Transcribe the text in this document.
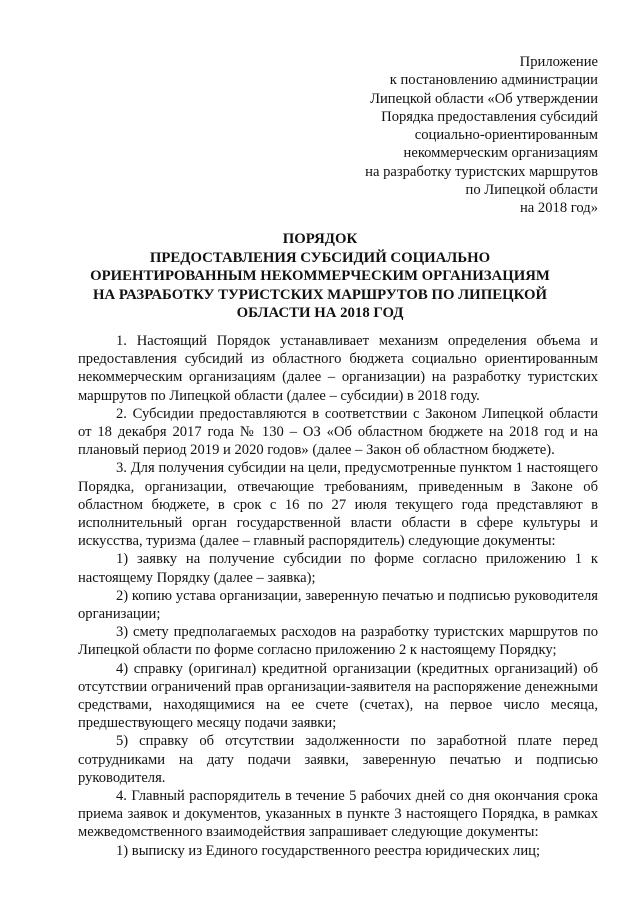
Приложение
к постановлению администрации
Липецкой области «Об утверждении
Порядка предоставления субсидий
социально-ориентированным
некоммерческим организациям
на разработку туристских маршрутов
по Липецкой области
на 2018 год»
ПОРЯДОК
ПРЕДОСТАВЛЕНИЯ СУБСИДИЙ СОЦИАЛЬНО
ОРИЕНТИРОВАННЫМ НЕКОММЕРЧЕСКИМ ОРГАНИЗАЦИЯМ
НА РАЗРАБОТКУ ТУРИСТСКИХ МАРШРУТОВ ПО ЛИПЕЦКОЙ
ОБЛАСТИ НА 2018 ГОД

1. Настоящий Порядок устанавливает механизм определения объема и предоставления субсидий из областного бюджета социально ориентированным некоммерческим организациям (далее – организации) на разработку туристских маршрутов по Липецкой области (далее – субсидии) в 2018 году.

2. Субсидии предоставляются в соответствии с Законом Липецкой области от 18 декабря 2017 года № 130 – ОЗ «Об областном бюджете на 2018 год и на плановый период 2019 и 2020 годов» (далее – Закон об областном бюджете).

3. Для получения субсидии на цели, предусмотренные пунктом 1 настоящего Порядка, организации, отвечающие требованиям, приведенным в Законе об областном бюджете, в срок с 16 по 27 июля текущего года представляют в исполнительный орган государственной власти области в сфере культуры и искусства, туризма (далее – главный распорядитель) следующие документы:

1) заявку на получение субсидии по форме согласно приложению 1 к настоящему Порядку (далее – заявка);

2) копию устава организации, заверенную печатью и подписью руководителя организации;

3) смету предполагаемых расходов на разработку туристских маршрутов по Липецкой области по форме согласно приложению 2 к настоящему Порядку;

4) справку (оригинал) кредитной организации (кредитных организаций) об отсутствии ограничений прав организации-заявителя на распоряжение денежными средствами, находящимися на ее счете (счетах), на первое число месяца, предшествующего месяцу подачи заявки;

5) справку об отсутствии задолженности по заработной плате перед сотрудниками на дату подачи заявки, заверенную печатью и подписью руководителя.

4. Главный распорядитель в течение 5 рабочих дней со дня окончания срока приема заявок и документов, указанных в пункте 3 настоящего Порядка, в рамках межведомственного взаимодействия запрашивает следующие документы:

1) выписку из Единого государственного реестра юридических лиц;
